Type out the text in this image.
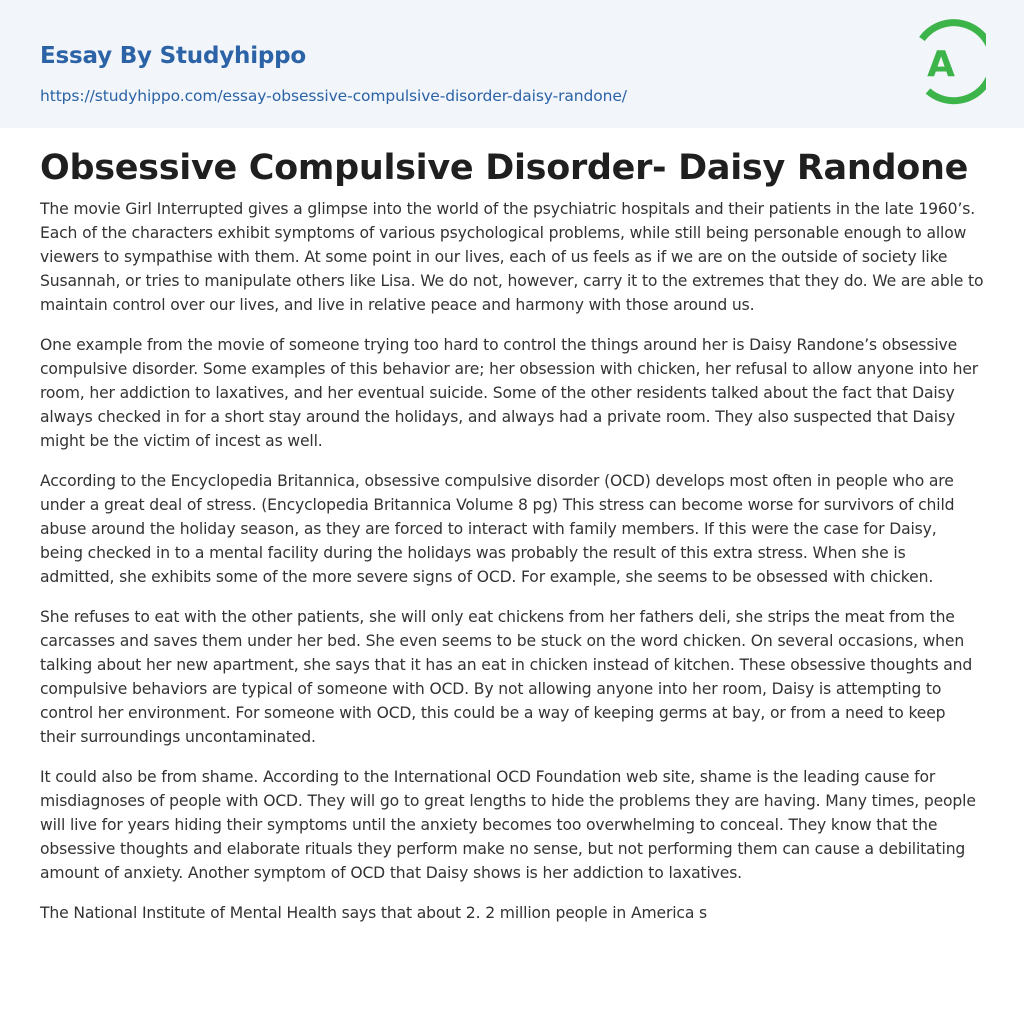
Essay By Studyhippo
https://studyhippo.com/essay-obsessive-compulsive-disorder-daisy-randone/
A
Obsessive Compulsive Disorder- Daisy Randone

The movie Girl Interrupted gives a glimpse into the world of the psychiatric hospitals and their patients in the late 1960’s. Each of the characters exhibit symptoms of various psychological problems, while still being personable enough to allow viewers to sympathise with them. At some point in our lives, each of us feels as if we are on the outside of society like Susannah, or tries to manipulate others like Lisa. We do not, however, carry it to the extremes that they do. We are able to maintain control over our lives, and live in relative peace and harmony with those around us.

One example from the movie of someone trying too hard to control the things around her is Daisy Randone’s obsessive compulsive disorder. Some examples of this behavior are; her obsession with chicken, her refusal to allow anyone into her room, her addiction to laxatives, and her eventual suicide. Some of the other residents talked about the fact that Daisy always checked in for a short stay around the holidays, and always had a private room. They also suspected that Daisy might be the victim of incest as well.

According to the Encyclopedia Britannica, obsessive compulsive disorder (OCD) develops most often in people who are under a great deal of stress. (Encyclopedia Britannica Volume 8 pg) This stress can become worse for survivors of child abuse around the holiday season, as they are forced to interact with family members. If this were the case for Daisy, being checked in to a mental facility during the holidays was probably the result of this extra stress. When she is admitted, she exhibits some of the more severe signs of OCD. For example, she seems to be obsessed with chicken.

She refuses to eat with the other patients, she will only eat chickens from her fathers deli, she strips the meat from the carcasses and saves them under her bed. She even seems to be stuck on the word chicken. On several occasions, when talking about her new apartment, she says that it has an eat in chicken instead of kitchen. These obsessive thoughts and compulsive behaviors are typical of someone with OCD. By not allowing anyone into her room, Daisy is attempting to control her environment. For someone with OCD, this could be a way of keeping germs at bay, or from a need to keep their surroundings uncontaminated.

It could also be from shame. According to the International OCD Foundation web site, shame is the leading cause for misdiagnoses of people with OCD. They will go to great lengths to hide the problems they are having. Many times, people will live for years hiding their symptoms until the anxiety becomes too overwhelming to conceal. They know that the obsessive thoughts and elaborate rituals they perform make no sense, but not performing them can cause a debilitating amount of anxiety. Another symptom of OCD that Daisy shows is her addiction to laxatives.

The National Institute of Mental Health says that about 2. 2 million people in America s
